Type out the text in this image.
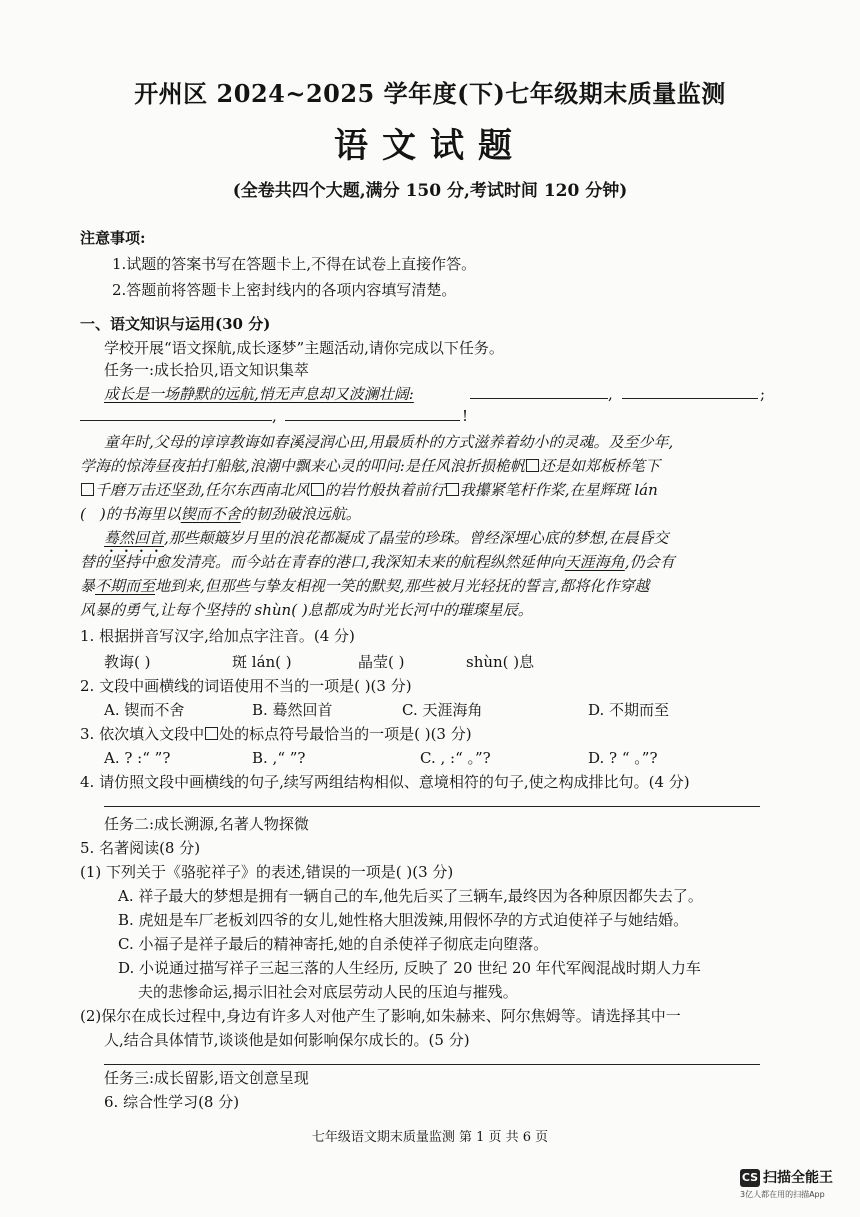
开州区 2024~2025 学年度(下)七年级期末质量监测
语文试题
(全卷共四个大题,满分 150 分,考试时间 120 分钟)
注意事项:
1.试题的答案书写在答题卡上,不得在试卷上直接作答。
2.答题前将答题卡上密封线内的各项内容填写清楚。
一、语文知识与运用(30 分)
学校开展“语文探航,成长逐梦”主题活动,请你完成以下任务。
任务一:成长拾贝,语文知识集萃
成长是一场静默的远航,悄无声息却又波澜壮阔:	,	;
,	!
童年时,父母的谆谆教诲如春溪浸润心田,用最质朴的方式滋养着幼小的灵魂。及至少年,
学海的惊涛昼夜拍打船舷,浪潮中飘来心灵的叩问:是任风浪折损桅帆 还是如郑板桥笔下
千磨万击还坚劲,任尔东西南北风 的岩竹般执着前行 我攥紧笔杆作桨,在星辉斑 lán
( )的书海里以锲而不舍的韧劲破浪远航。
蓦然回首,那些颠簸岁月里的浪花都凝成了晶莹的珍珠。曾经深埋心底的梦想,在晨昏交
替的坚持中愈发清亮。而今站在青春的港口,我深知未来的航程纵然延伸向天涯海角,仍会有
暴不期而至地到来,但那些与挚友相视一笑的默契,那些被月光轻抚的誓言,都将化作穿越
风暴的勇气,让每个坚持的 shùn( )息都成为时光长河中的璀璨星辰。
1. 根据拼音写汉字,给加点字注音。(4 分)
教诲( )	斑 lán( )	晶莹( )	shùn( )息
2. 文段中画横线的词语使用不当的一项是( )(3 分)
A. 锲而不舍	B. 蓦然回首	C. 天涯海角	D. 不期而至
3. 依次填入文段中 处的标点符号最恰当的一项是( )(3 分)
A. ? :“ ”?	B. ,“ ”?	C. , :“ 。”?	D. ? “ 。”?
4. 请仿照文段中画横线的句子,续写两组结构相似、意境相符的句子,使之构成排比句。(4 分)
任务二:成长溯源,名著人物探微
5. 名著阅读(8 分)
(1) 下列关于《骆驼祥子》的表述,错误的一项是( )(3 分)
A. 祥子最大的梦想是拥有一辆自己的车,他先后买了三辆车,最终因为各种原因都失去了。
B. 虎妞是车厂老板刘四爷的女儿,她性格大胆泼辣,用假怀孕的方式迫使祥子与她结婚。
C. 小福子是祥子最后的精神寄托,她的自杀使祥子彻底走向堕落。
D. 小说通过描写祥子三起三落的人生经历, 反映了 20 世纪 20 年代军阀混战时期人力车
夫的悲惨命运,揭示旧社会对底层劳动人民的压迫与摧残。
(2)保尔在成长过程中,身边有许多人对他产生了影响,如朱赫来、阿尔焦姆等。请选择其中一
人,结合具体情节,谈谈他是如何影响保尔成长的。(5 分)
任务三:成长留影,语文创意呈现
6. 综合性学习(8 分)
七年级语文期末质量监测 第 1 页 共 6 页
CS 扫描全能王
3亿人都在用的扫描App
